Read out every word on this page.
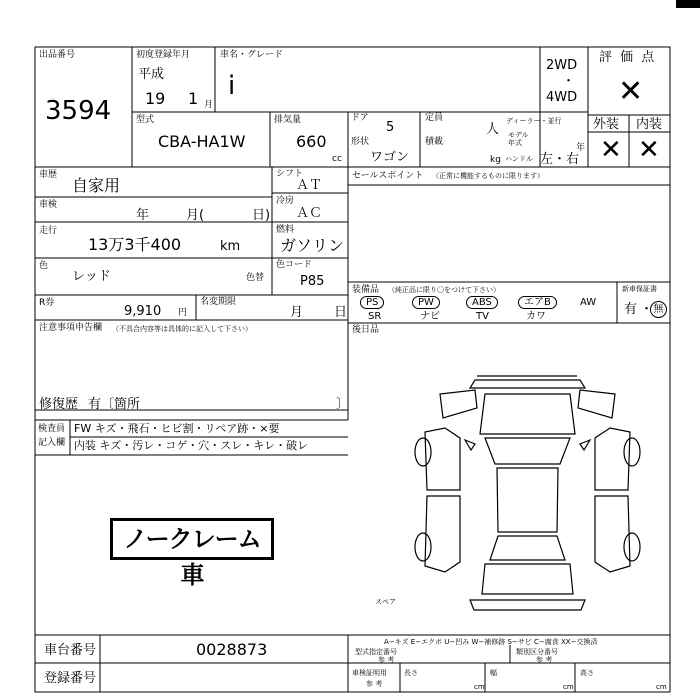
出品番号
3594
初度登録年月
平成
19 1 月
車名・グレード
i
2WD
・
4WD
評 価 点
✕
型式
CBA-HA1W
排気量
660
cc
ドア
5
定員
人
形状
ワゴン
積載
kg
ディーラー・並行
モデル
年式	年
ハンドル 左・右
外装 内装
✕ ✕
車歴
自家用
車検
年	月(	日)
走行
13万3千400	km
シフト
ＡＴ
冷房
ＡＣ
燃料
ガソリン
セールスポイント （正常に機能するものに限ります）
色
レッド	色替
色コード
P85
装備品 （純正品に限り〇をつけて下さい）
PS	PW	ABS	エアB	AW
SR	ナビ	TV	カワ
新車保証書
有 ・ 無
R券
9,910 円
名変期限
月 日
注意事項申告欄 （不具合内容等は具体的に記入して下さい）	後日品
修復歴 有〔 箇所	〕
検査員
記入欄
FW キズ・飛石・ヒビ割・リペア跡・×要
内装 キズ・汚レ・コゲ・穴・スレ・キレ・破レ
ノークレーム車
スペア
A−キズ E−エクボ U−凹み W−補修跡 S−サビ C−腐食 XX−交換済
車台番号	0028873
登録番号
型式指定番号
参 考
類別区分番号
参 考
車検証明用
参 考
長さ
cm
幅
cm
高さ
cm
